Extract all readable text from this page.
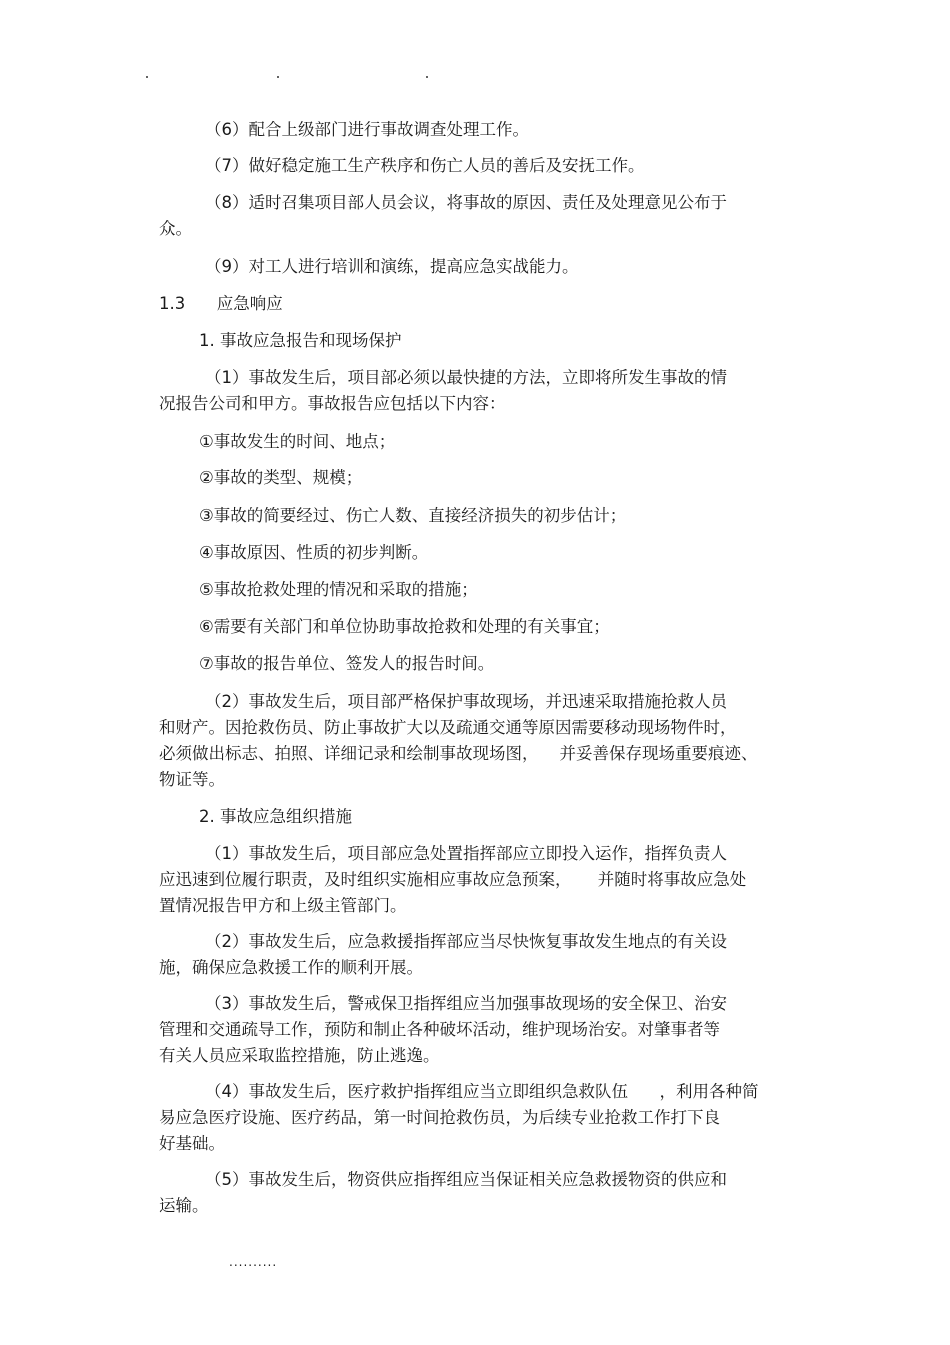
（6）配合上级部门进行事故调查处理工作。
（7）做好稳定施工生产秩序和伤亡人员的善后及安抚工作。
（8）适时召集项目部人员会议，将事故的原因、责任及处理意见公布于
众。
（9）对工人进行培训和演练，提高应急实战能力。
1.3      应急响应
1. 事故应急报告和现场保护
（1）事故发生后，项目部必须以最快捷的方法，立即将所发生事故的情
况报告公司和甲方。事故报告应包括以下内容：
①事故发生的时间、地点；
②事故的类型、规模；
③事故的简要经过、伤亡人数、直接经济损失的初步估计；
④事故原因、性质的初步判断。
⑤事故抢救处理的情况和采取的措施；
⑥需要有关部门和单位协助事故抢救和处理的有关事宜；
⑦事故的报告单位、签发人的报告时间。
（2）事故发生后，项目部严格保护事故现场，并迅速采取措施抢救人员
和财产。因抢救伤员、防止事故扩大以及疏通交通等原因需要移动现场物件时，
必须做出标志、拍照、详细记录和绘制事故现场图，    并妥善保存现场重要痕迹、
物证等。
2. 事故应急组织措施
（1）事故发生后，项目部应急处置指挥部应立即投入运作，指挥负责人
应迅速到位履行职责，及时组织实施相应事故应急预案，     并随时将事故应急处
置情况报告甲方和上级主管部门。
（2）事故发生后，应急救援指挥部应当尽快恢复事故发生地点的有关设
施，确保应急救援工作的顺利开展。
（3）事故发生后，警戒保卫指挥组应当加强事故现场的安全保卫、治安
管理和交通疏导工作，预防和制止各种破坏活动，维护现场治安。对肇事者等
有关人员应采取监控措施，防止逃逸。
（4）事故发生后，医疗救护指挥组应当立即组织急救队伍      ，利用各种简
易应急医疗设施、医疗药品，第一时间抢救伤员，为后续专业抢救工作打下良
好基础。
（5）事故发生后，物资供应指挥组应当保证相关应急救援物资的供应和
运输。
..........
